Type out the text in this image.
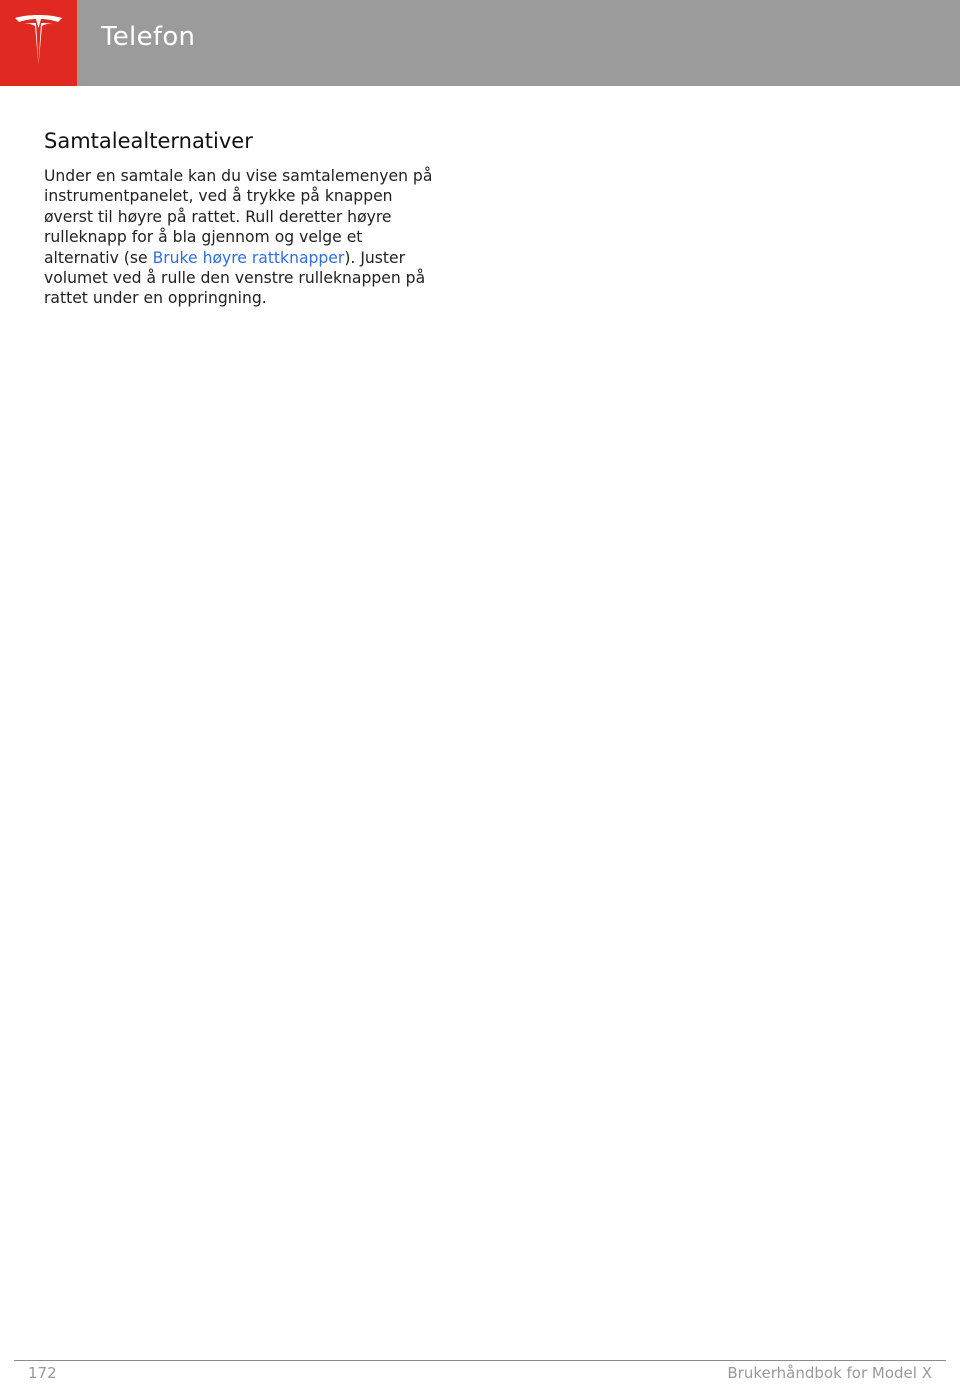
Telefon
Samtalealternativer
Under en samtale kan du vise samtalemenyen på instrumentpanelet, ved å trykke på knappen øverst til høyre på rattet. Rull deretter høyre rulleknapp for å bla gjennom og velge et alternativ (se Bruke høyre rattknapper). Juster volumet ved å rulle den venstre rulleknappen på rattet under en oppringning.
172	Brukerhåndbok for Model X
